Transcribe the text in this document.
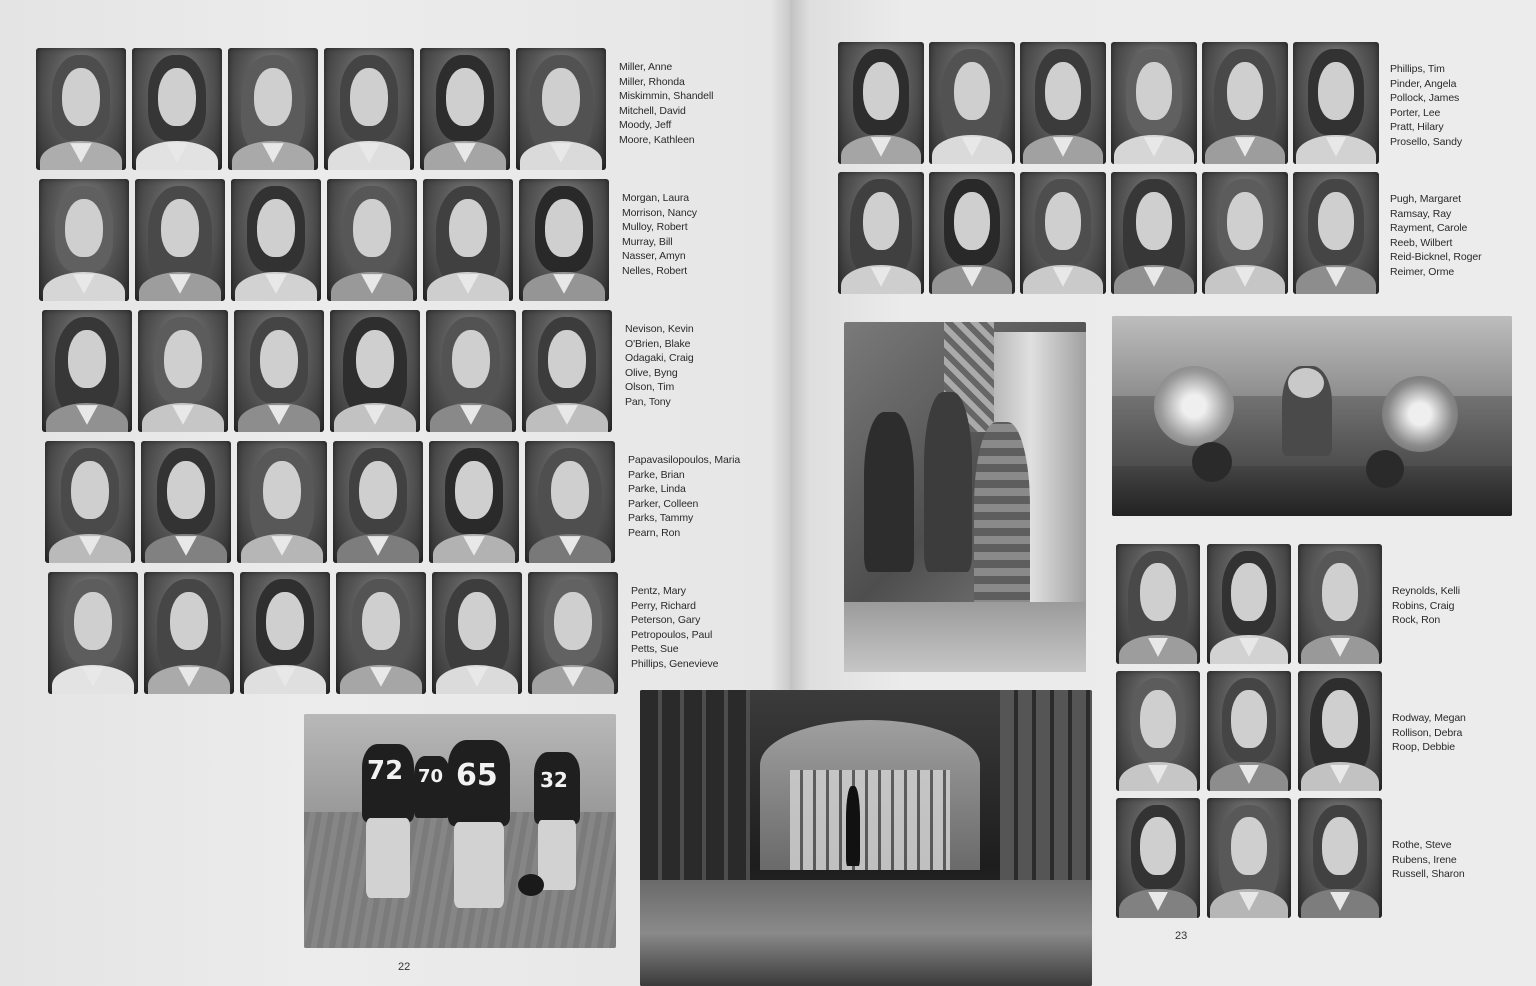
Miller, Anne
Miller, Rhonda
Miskimmin, Shandell
Mitchell, David
Moody, Jeff
Moore, Kathleen
Morgan, Laura
Morrison, Nancy
Mulloy, Robert
Murray, Bill
Nasser, Amyn
Nelles, Robert
Nevison, Kevin
O'Brien, Blake
Odagaki, Craig
Olive, Byng
Olson, Tim
Pan, Tony
Papavasilopoulos, Maria
Parke, Brian
Parke, Linda
Parker, Colleen
Parks, Tammy
Pearn, Ron
Pentz, Mary
Perry, Richard
Peterson, Gary
Petropoulos, Paul
Petts, Sue
Phillips, Genevieve
Phillips, Tim
Pinder, Angela
Pollock, James
Porter, Lee
Pratt, Hilary
Prosello, Sandy
Pugh, Margaret
Ramsay, Ray
Rayment, Carole
Reeb, Wilbert
Reid-Bicknel, Roger
Reimer, Orme
Reynolds, Kelli
Robins, Craig
Rock, Ron
Rodway, Megan
Rollison, Debra
Roop, Debbie
Rothe, Steve
Rubens, Irene
Russell, Sharon
72 70 65 32
22
23
